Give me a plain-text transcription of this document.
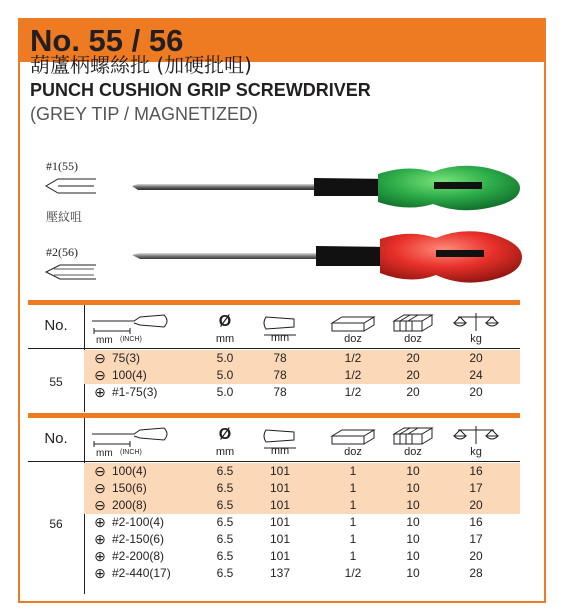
No. 55 / 56
葫蘆柄螺絲批 (加硬批咀)
PUNCH CUSHION GRIP SCREWDRIVER
(GREY TIP / MAGNETIZED)
#1(55)
壓紋咀
#2(56)
No.
mm (INCH)
Ø
mm	mm	doz	doz	kg
55
⊖ 75(3)	5.0	78	1/2	20	20
⊖ 100(4)	5.0	78	1/2	20	24
⊕ #1-75(3)	5.0	78	1/2	20	20
No.
mm (INCH)
Ø
mm	mm	doz	doz	kg
56
⊖ 100(4)	6.5	101	1	10	16
⊖ 150(6)	6.5	101	1	10	17
⊖ 200(8)	6.5	101	1	10	20
⊕ #2-100(4)	6.5	101	1	10	16
⊕ #2-150(6)	6.5	101	1	10	17
⊕ #2-200(8)	6.5	101	1	10	20
⊕ #2-440(17)	6.5	137	1/2	10	28
